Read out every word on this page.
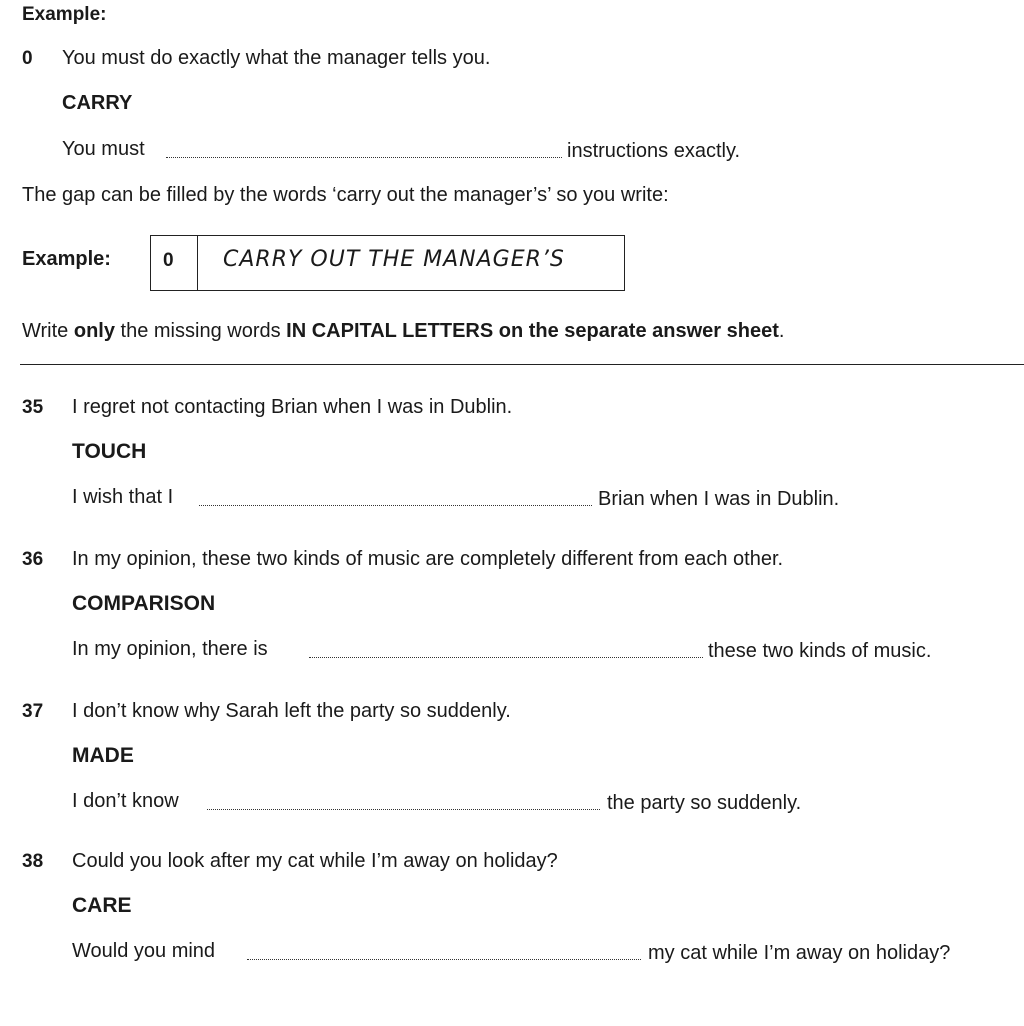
Example:
0 You must do exactly what the manager tells you.
CARRY
You must	instructions exactly.
The gap can be filled by the words ‘carry out the manager’s’ so you write:
Example:	0 CARRY OUT THE MANAGER’S
Write only the missing words IN CAPITAL LETTERS on the separate answer sheet.
35 I regret not contacting Brian when I was in Dublin.
TOUCH
I wish that I	Brian when I was in Dublin.
36 In my opinion, these two kinds of music are completely different from each other.
COMPARISON
In my opinion, there is	these two kinds of music.
37 I don’t know why Sarah left the party so suddenly.
MADE
I don’t know	the party so suddenly.
38 Could you look after my cat while I’m away on holiday?
CARE
Would you mind	my cat while I’m away on holiday?
